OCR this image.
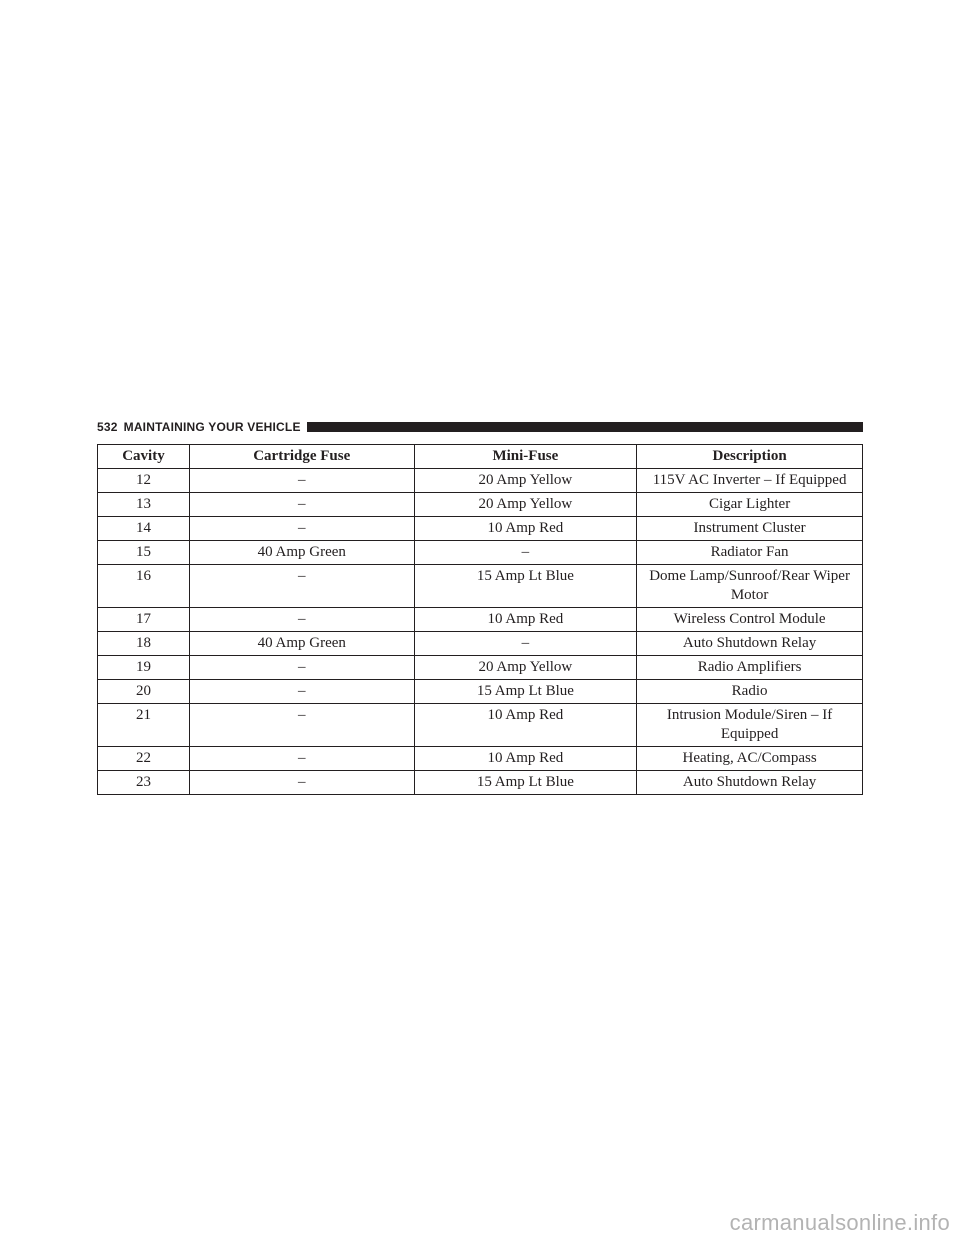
532 MAINTAINING YOUR VEHICLE
Cavity	Cartridge Fuse	Mini-Fuse	Description
12	–	20 Amp Yellow	115V AC Inverter – If Equipped
13	–	20 Amp Yellow	Cigar Lighter
14	–	10 Amp Red	Instrument Cluster
15	40 Amp Green	–	Radiator Fan
16	–	15 Amp Lt Blue	Dome Lamp/Sunroof/Rear Wiper Motor
17	–	10 Amp Red	Wireless Control Module
18	40 Amp Green	–	Auto Shutdown Relay
19	–	20 Amp Yellow	Radio Amplifiers
20	–	15 Amp Lt Blue	Radio
21	–	10 Amp Red	Intrusion Module/Siren – If Equipped
22	–	10 Amp Red	Heating, AC/Compass
23	–	15 Amp Lt Blue	Auto Shutdown Relay
carmanualsonline.info
